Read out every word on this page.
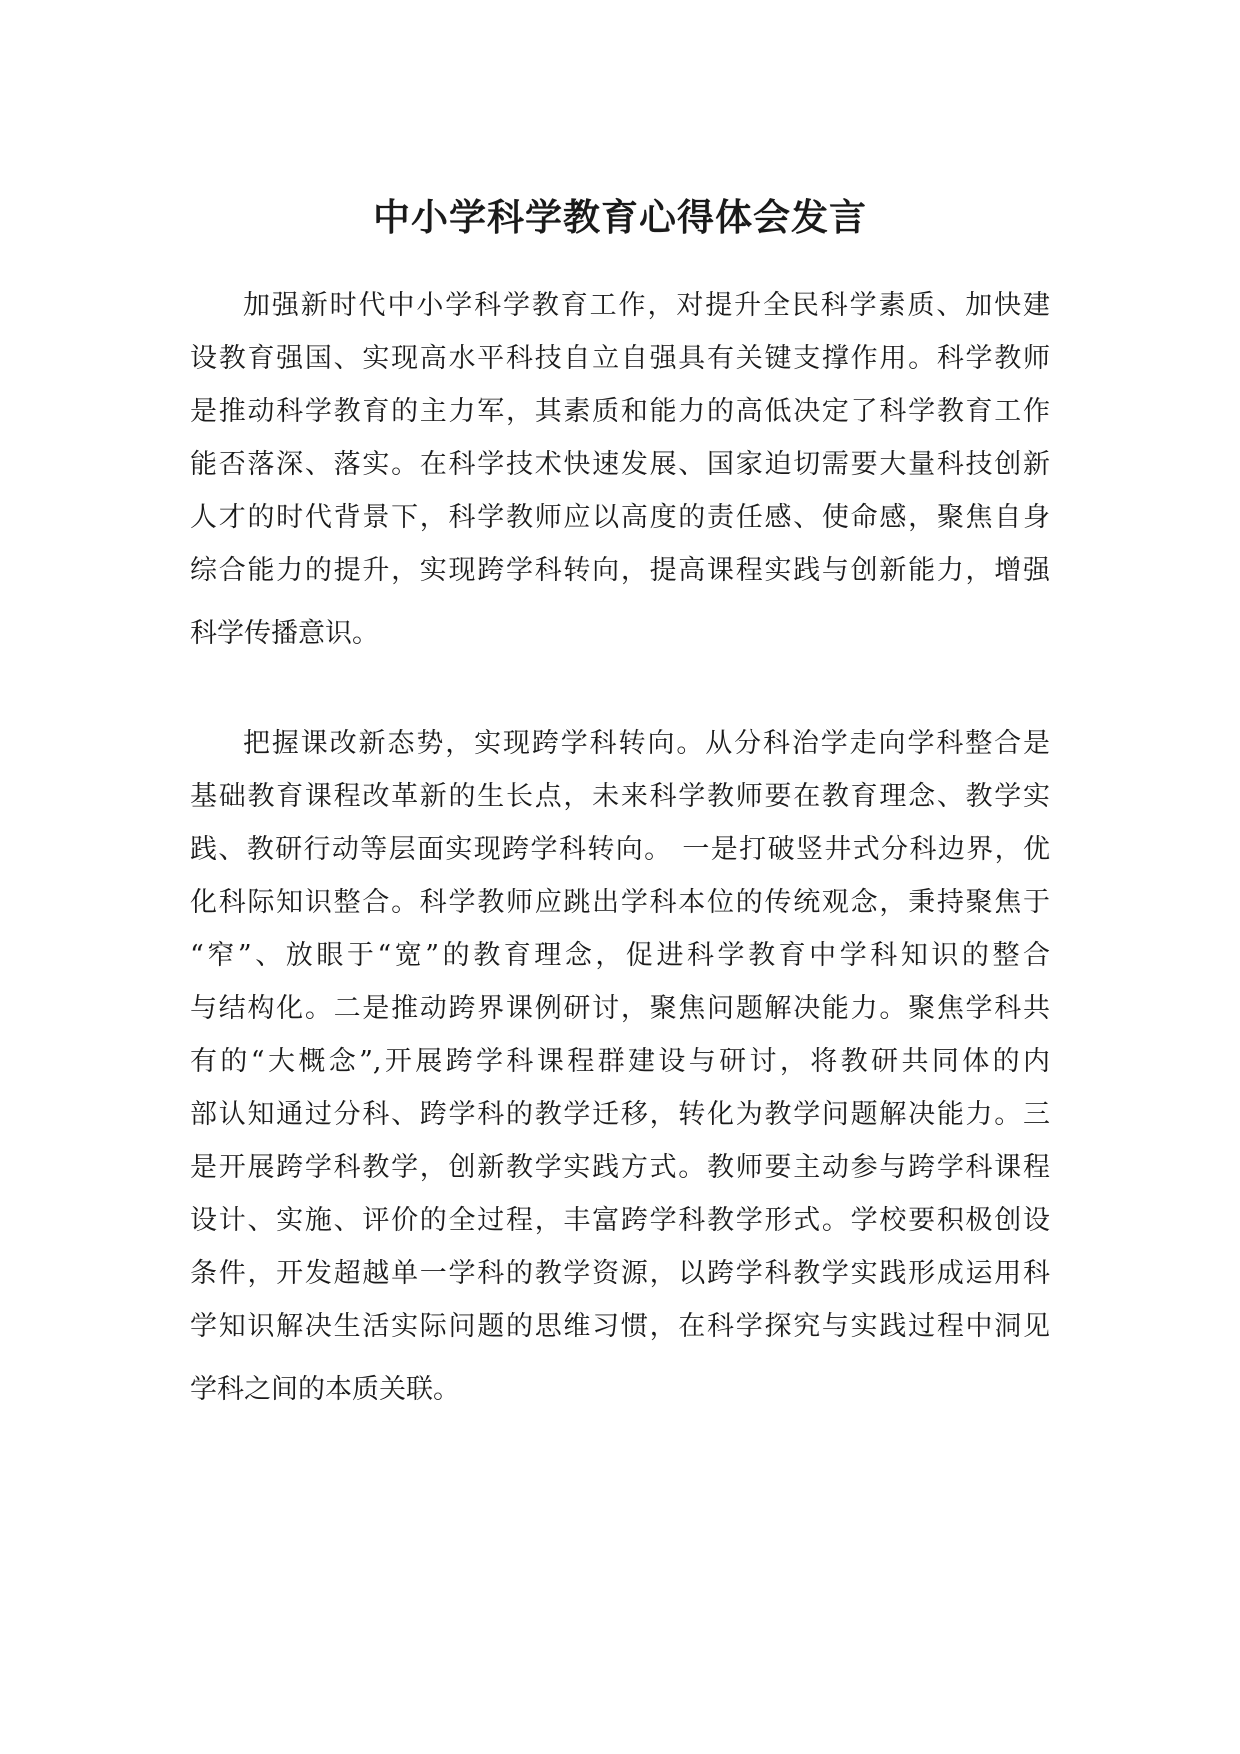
中小学科学教育心得体会发言
加强新时代中小学科学教育工作，对提升全民科学素质、加快建
设教育强国、实现高水平科技自立自强具有关键支撑作用。科学教师
是推动科学教育的主力军，其素质和能力的高低决定了科学教育工作
能否落深、落实。在科学技术快速发展、国家迫切需要大量科技创新
人才的时代背景下，科学教师应以高度的责任感、使命感，聚焦自身
综合能力的提升，实现跨学科转向，提高课程实践与创新能力，增强
科学传播意识。
把握课改新态势，实现跨学科转向。从分科治学走向学科整合是
基础教育课程改革新的生长点，未来科学教师要在教育理念、教学实
践、教研行动等层面实现跨学科转向。 一是打破竖井式分科边界，优
化科际知识整合。科学教师应跳出学科本位的传统观念，秉持聚焦于
“窄”、放眼于“宽”的教育理念，促进科学教育中学科知识的整合
与结构化。二是推动跨界课例研讨，聚焦问题解决能力。聚焦学科共
有的“大概念”,开展跨学科课程群建设与研讨，将教研共同体的内
部认知通过分科、跨学科的教学迁移，转化为教学问题解决能力。三
是开展跨学科教学，创新教学实践方式。教师要主动参与跨学科课程
设计、实施、评价的全过程，丰富跨学科教学形式。学校要积极创设
条件，开发超越单一学科的教学资源，以跨学科教学实践形成运用科
学知识解决生活实际问题的思维习惯，在科学探究与实践过程中洞见
学科之间的本质关联。
